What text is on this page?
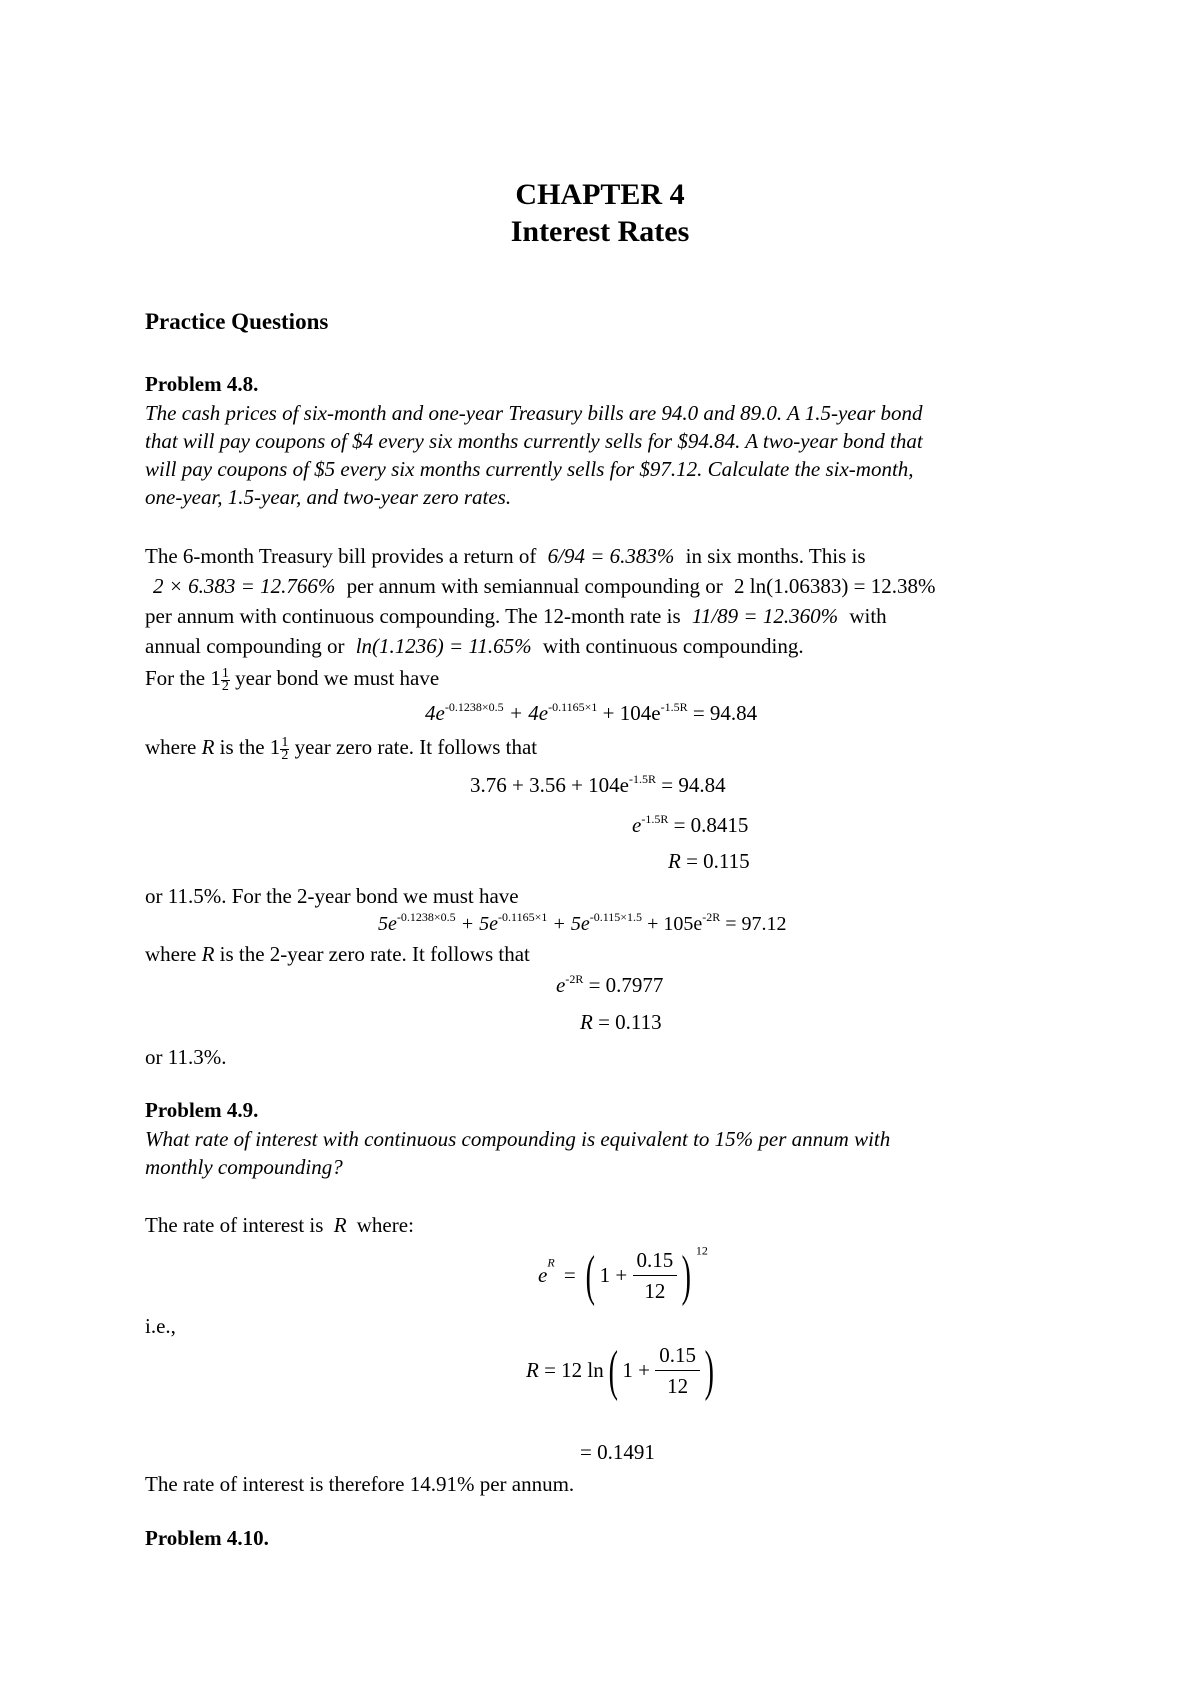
CHAPTER 4
Interest Rates
Practice Questions
Problem 4.8.
The cash prices of six-month and one-year Treasury bills are 94.0 and 89.0. A 1.5-year bond
that will pay coupons of $4 every six months currently sells for $94.84. A two-year bond that
will pay coupons of $5 every six months currently sells for $97.12. Calculate the six-month,
one-year, 1.5-year, and two-year zero rates.
The 6-month Treasury bill provides a return of 6/94 = 6.383% in six months. This is
2 × 6.383 = 12.766% per annum with semiannual compounding or 2 ln(1.06383) = 12.38%
per annum with continuous compounding. The 12-month rate is 11/89 = 12.360% with
annual compounding or ln(1.1236) = 11.65% with continuous compounding.
For the $1 \frac{1}{2}$ year bond we must have
$4e^{-0.1238\times 0.5} + 4e^{-0.1165\times 1} + 104e^{-1.5R} = 94.84$
where R is the $1 \frac{1}{2}$ year zero rate. It follows that
$3.76 + 3.56 + 104e^{-1.5R} = 94.84$
$e^{-1.5R} = 0.8415$
R = 0.115
or 11.5%. For the 2-year bond we must have
$5e^{-0.1238\times 0.5} + 5e^{-0.1165\times 1} + 5e^{-0.115\times 1.5} + 105e^{-2R} = 97.12$
where R is the 2-year zero rate. It follows that
$e^{-2R} = 0.7977$
R = 0.113
or 11.3%.
Problem 4.9.
What rate of interest with continuous compounding is equivalent to 15% per annum with
monthly compounding?
The rate of interest is R where:
$e^R$ = ( $1 + \frac{0.15}{12}$ ) $^{12}$
i.e.,
R = 12 ln( $1 + \frac{0.15}{12}$ )
= 0.1491
The rate of interest is therefore 14.91% per annum.
Problem 4.10.
